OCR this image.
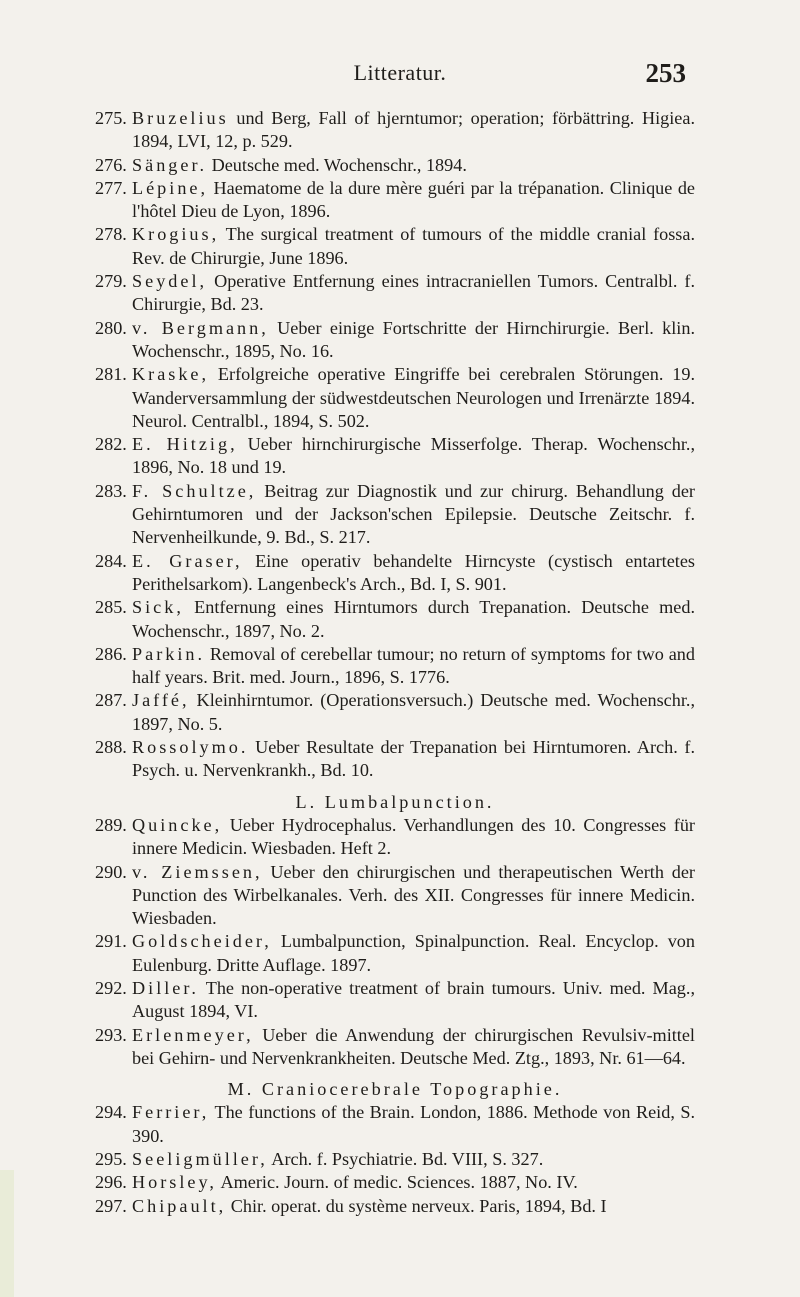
Litteratur.	253
275. Bruzelius und Berg, Fall of hjerntumor; operation; förbättring. Higiea. 1894, LVI, 12, p. 529.
276. Sänger. Deutsche med. Wochenschr., 1894.
277. Lépine, Haematome de la dure mère guéri par la trépanation. Clinique de l'hôtel Dieu de Lyon, 1896.
278. Krogius, The surgical treatment of tumours of the middle cranial fossa. Rev. de Chirurgie, June 1896.
279. Seydel, Operative Entfernung eines intracraniellen Tumors. Centralbl. f. Chirurgie, Bd. 23.
280. v. Bergmann, Ueber einige Fortschritte der Hirnchirurgie. Berl. klin. Wochenschr., 1895, No. 16.
281. Kraske, Erfolgreiche operative Eingriffe bei cerebralen Störungen. 19. Wanderversammlung der südwestdeutschen Neurologen und Irrenärzte 1894. Neurol. Centralbl., 1894, S. 502.
282. E. Hitzig, Ueber hirnchirurgische Misserfolge. Therap. Wochenschr., 1896, No. 18 und 19.
283. F. Schultze, Beitrag zur Diagnostik und zur chirurg. Behandlung der Gehirntumoren und der Jackson'schen Epilepsie. Deutsche Zeitschr. f. Nervenheilkunde, 9. Bd., S. 217.
284. E. Graser, Eine operativ behandelte Hirncyste (cystisch entartetes Perithelsarkom). Langenbeck's Arch., Bd. I, S. 901.
285. Sick, Entfernung eines Hirntumors durch Trepanation. Deutsche med. Wochenschr., 1897, No. 2.
286. Parkin. Removal of cerebellar tumour; no return of symptoms for two and half years. Brit. med. Journ., 1896, S. 1776.
287. Jaffé, Kleinhirntumor. (Operationsversuch.) Deutsche med. Wochenschr., 1897, No. 5.
288. Rossolymo. Ueber Resultate der Trepanation bei Hirntumoren. Arch. f. Psych. u. Nervenkrankh., Bd. 10.
L. Lumbalpunction.
289. Quincke, Ueber Hydrocephalus. Verhandlungen des 10. Congresses für innere Medicin. Wiesbaden. Heft 2.
290. v. Ziemssen, Ueber den chirurgischen und therapeutischen Werth der Punction des Wirbelkanales. Verh. des XII. Congresses für innere Medicin. Wiesbaden.
291. Goldscheider, Lumbalpunction, Spinalpunction. Real. Encyclop. von Eulenburg. Dritte Auflage. 1897.
292. Diller. The non-operative treatment of brain tumours. Univ. med. Mag., August 1894, VI.
293. Erlenmeyer, Ueber die Anwendung der chirurgischen Revulsiv-mittel bei Gehirn- und Nervenkrankheiten. Deutsche Med. Ztg., 1893, Nr. 61—64.
M. Craniocerebrale Topographie.
294. Ferrier, The functions of the Brain. London, 1886. Methode von Reid, S. 390.
295. Seeligmüller, Arch. f. Psychiatrie. Bd. VIII, S. 327.
296. Horsley, Americ. Journ. of medic. Sciences. 1887, No. IV.
297. Chipault, Chir. operat. du système nerveux. Paris, 1894, Bd. I
